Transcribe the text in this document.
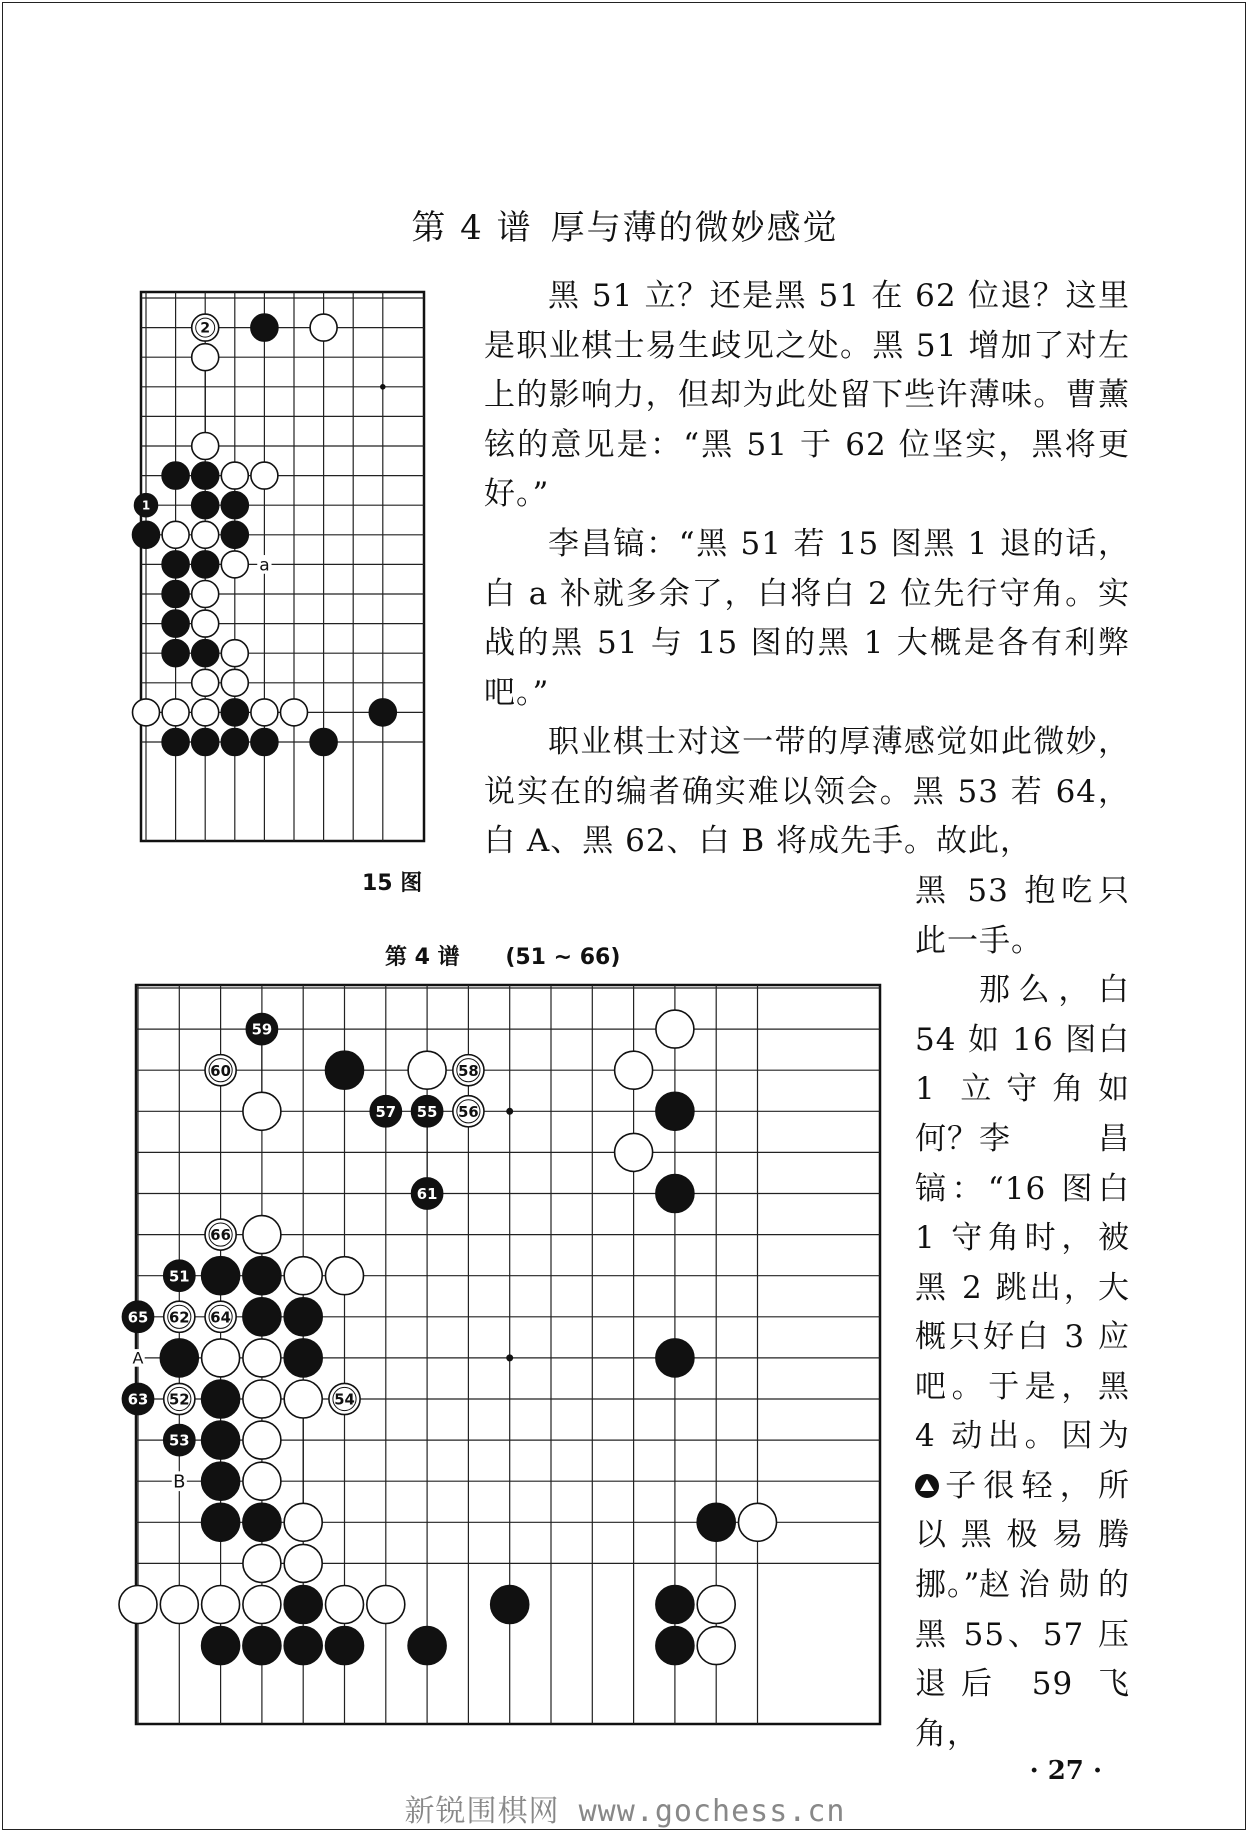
第 4 谱 厚与薄的微妙感觉
2
1
a
59
60	58
57 55 56
61
66
51
65 62 64
63 52	54
53
A
B
15 图
第 4 谱 (51 ~ 66)

黑 51 立？还是黑 51 在 62 位退？这里是职业棋士易生歧见之处。黑 51 增加了对左上的影响力，但却为此处留下些许薄味。曹薰铉的意见是：“黑 51 于 62 位坚实，黑将更好。”

李昌镐：“黑 51 若 15 图黑 1 退的话，白 a 补就多余了，白将白 2 位先行守角。实战的黑 51 与 15 图的黑 1 大概是各有利弊吧。”

职业棋士对这一带的厚薄感觉如此微妙，说实在的编者确实难以领会。黑 53 若 64，白 A、黑 62、白 B 将成先手。故此，

黑 53 抱吃只此一手。

那么，白 54 如 16 图白 1 立守角如何？ 李昌镐：“16 图白 1 守角时，被黑 2 跳出，大概只好白 3 应吧。于是，黑 4 动出。因为子很轻，所以黑极易腾挪。”

赵治勋的黑 55、57 压退后 59 飞角，

· 27 ·
新锐围棋网 www.gochess.cn
